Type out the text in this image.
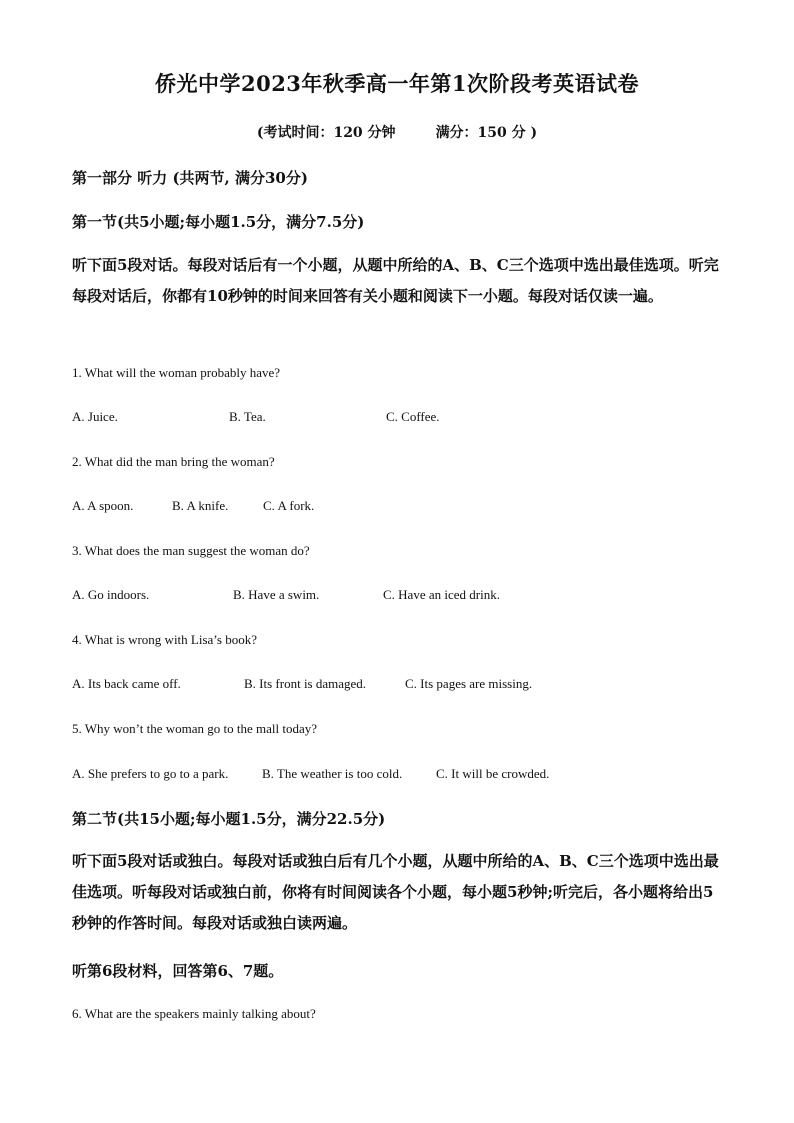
侨光中学2023年秋季高一年第1次阶段考英语试卷
(考试时间：120 分钟	满分：150 分 )
第一部分 听力 (共两节, 满分30分)
第一节(共5小题;每小题1.5分，满分7.5分)
听下面5段对话。每段对话后有一个小题，从题中所给的A、B、C三个选项中选出最佳选项。听完每段对话后，你都有10秒钟的时间来回答有关小题和阅读下一小题。每段对话仅读一遍。
1. What will the woman probably have?
A. Juice.	B. Tea.	C. Coffee.
2. What did the man bring the woman?
A. A spoon.	B. A knife.	C. A fork.
3. What does the man suggest the woman do?
A. Go indoors.	B. Have a swim.	C. Have an iced drink.
4. What is wrong with Lisa’s book?
A. Its back came off.	B. Its front is damaged.	C. Its pages are missing.
5. Why won’t the woman go to the mall today?
A. She prefers to go to a park.	B. The weather is too cold.	C. It will be crowded.
第二节(共15小题;每小题1.5分，满分22.5分)
听下面5段对话或独白。每段对话或独白后有几个小题，从题中所给的A、B、C三个选项中选出最佳选项。听每段对话或独白前，你将有时间阅读各个小题，每小题5秒钟;听完后，各小题将给出5秒钟的作答时间。每段对话或独白读两遍。
听第6段材料，回答第6、7题。
6. What are the speakers mainly talking about?
